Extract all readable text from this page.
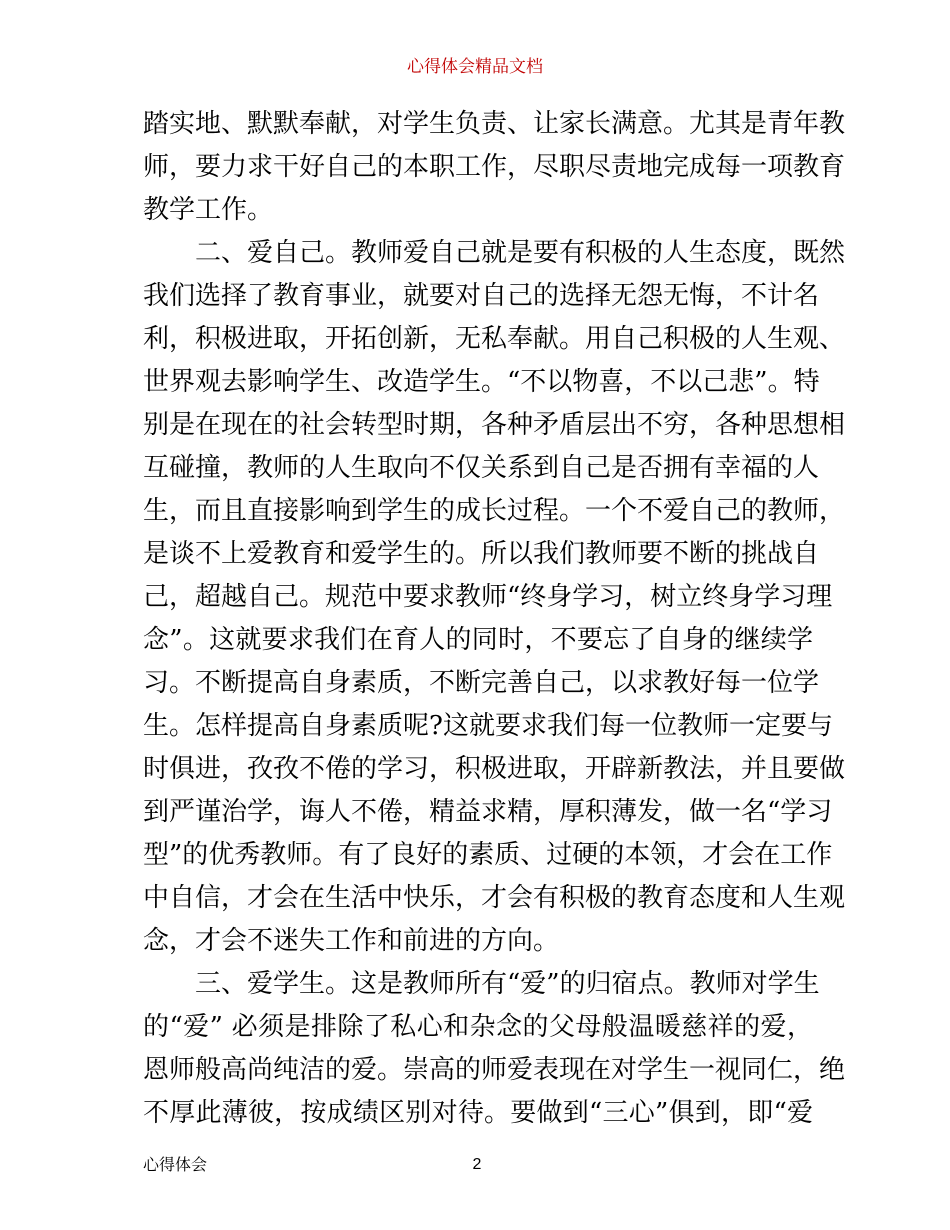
心得体会精品文档
踏实地、默默奉献，对学生负责、让家长满意。尤其是青年教
师，要力求干好自己的本职工作，尽职尽责地完成每一项教育
教学工作。
二、爱自己。教师爱自己就是要有积极的人生态度，既然
我们选择了教育事业，就要对自己的选择无怨无悔，不计名
利，积极进取，开拓创新，无私奉献。用自己积极的人生观、
世界观去影响学生、改造学生。“不以物喜，不以己悲”。特
别是在现在的社会转型时期，各种矛盾层出不穷，各种思想相
互碰撞，教师的人生取向不仅关系到自己是否拥有幸福的人
生，而且直接影响到学生的成长过程。一个不爱自己的教师，
是谈不上爱教育和爱学生的。所以我们教师要不断的挑战自
己，超越自己。规范中要求教师“终身学习，树立终身学习理
念”。这就要求我们在育人的同时，不要忘了自身的继续学
习。不断提高自身素质，不断完善自己，以求教好每一位学
生。怎样提高自身素质呢?这就要求我们每一位教师一定要与
时俱进，孜孜不倦的学习，积极进取，开辟新教法，并且要做
到严谨治学，诲人不倦，精益求精，厚积薄发，做一名“学习
型”的优秀教师。有了良好的素质、过硬的本领，才会在工作
中自信，才会在生活中快乐，才会有积极的教育态度和人生观
念，才会不迷失工作和前进的方向。
三、爱学生。这是教师所有“爱”的归宿点。教师对学生
的“爱” 必须是排除了私心和杂念的父母般温暖慈祥的爱，
恩师般高尚纯洁的爱。崇高的师爱表现在对学生一视同仁，绝
不厚此薄彼，按成绩区别对待。要做到“三心”俱到，即“爱
心得体会	2
